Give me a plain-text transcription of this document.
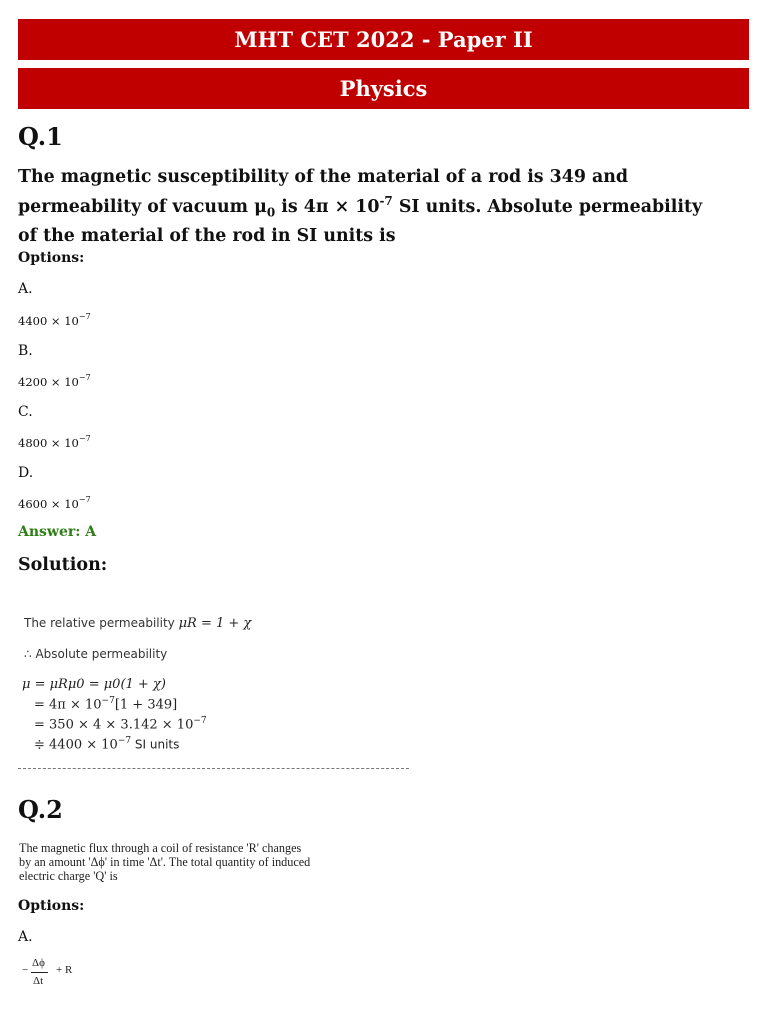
MHT CET 2022 - Paper II
Physics
Q.1
The magnetic susceptibility of the material of a rod is 349 and
permeability of vacuum $\mu_0$ is $4\pi \times 10^{-7}$ SI units. Absolute permeability
of the material of the rod in SI units is
Options:
A.
$4400 \times 10^{-7}$
B.
$4200 \times 10^{-7}$
C.
$4800 \times 10^{-7}$
D.
$4600 \times 10^{-7}$
Answer: A
Solution:
The relative permeability μR = 1 + χ
∴ Absolute permeability
μ = μRμ0 = μ0(1 + χ)
= $4\pi \times 10^{-7}[1 + 349]$
= $350 \times 4 \times 3.142 \times 10^{-7}$
≑ $4400 \times 10^{-7}$ SI units
Q.2
The magnetic flux through a coil of resistance 'R' changes
by an amount 'Δϕ' in time 'Δt'. The total quantity of induced
electric charge 'Q' is
Options:
A.
−
Δϕ
Δt
+ R
